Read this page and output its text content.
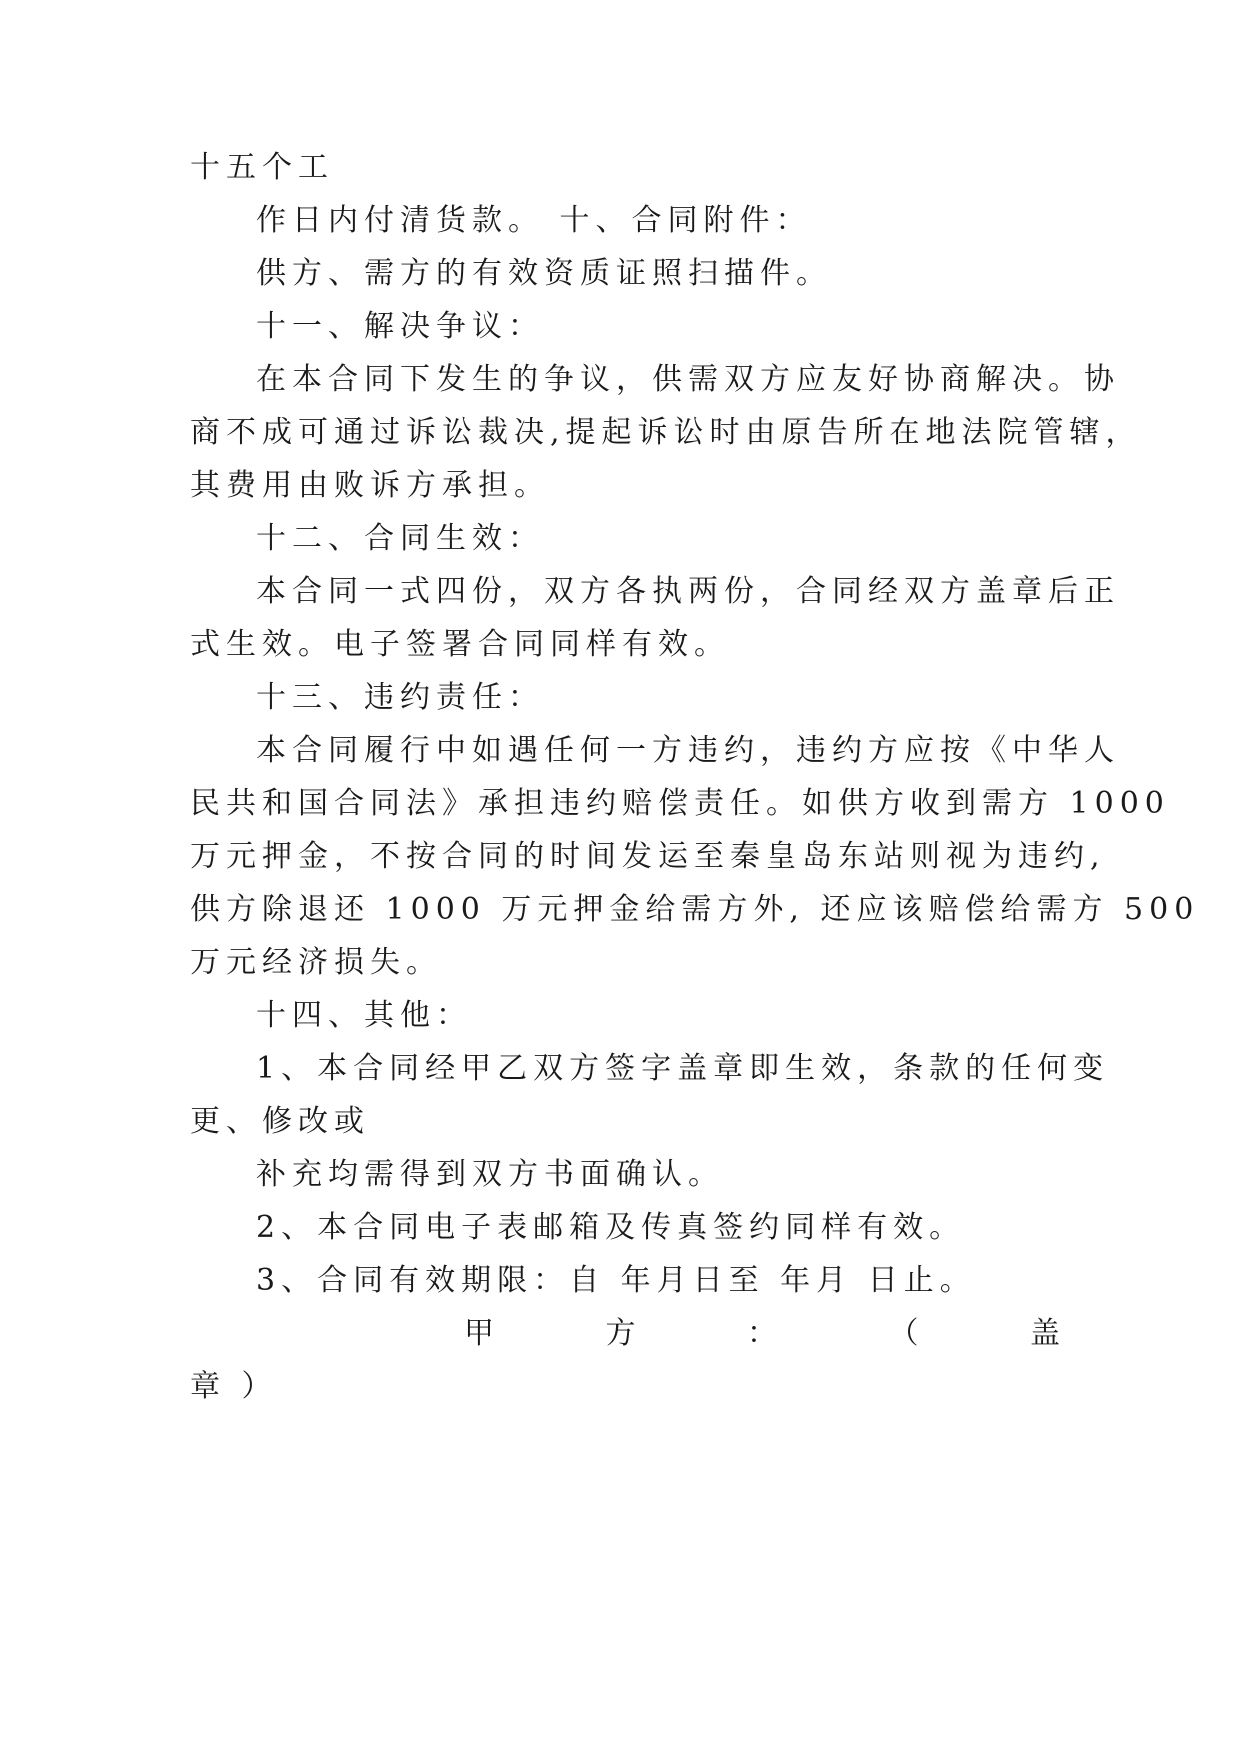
十五个工
作日内付清货款。 十、合同附件：
供方、需方的有效资质证照扫描件。
十一、解决争议：
在本合同下发生的争议，供需双方应友好协商解决。协
商不成可通过诉讼裁决,提起诉讼时由原告所在地法院管辖，
其费用由败诉方承担。
十二、合同生效：
本合同一式四份，双方各执两份，合同经双方盖章后正
式生效。电子签署合同同样有效。
十三、违约责任：
本合同履行中如遇任何一方违约，违约方应按《中华人
民共和国合同法》承担违约赔偿责任。如供方收到需方 1000
万元押金，不按合同的时间发运至秦皇岛东站则视为违约,
供方除退还 1000 万元押金给需方外, 还应该赔偿给需方 500
万元经济损失。
十四、其他：
1、本合同经甲乙双方签字盖章即生效，条款的任何变
更、修改或
补充均需得到双方书面确认。
2、本合同电子表邮箱及传真签约同样有效。
3、合同有效期限：自 年月日至 年月 日止。
甲 方 ： （ 盖
章 ）
